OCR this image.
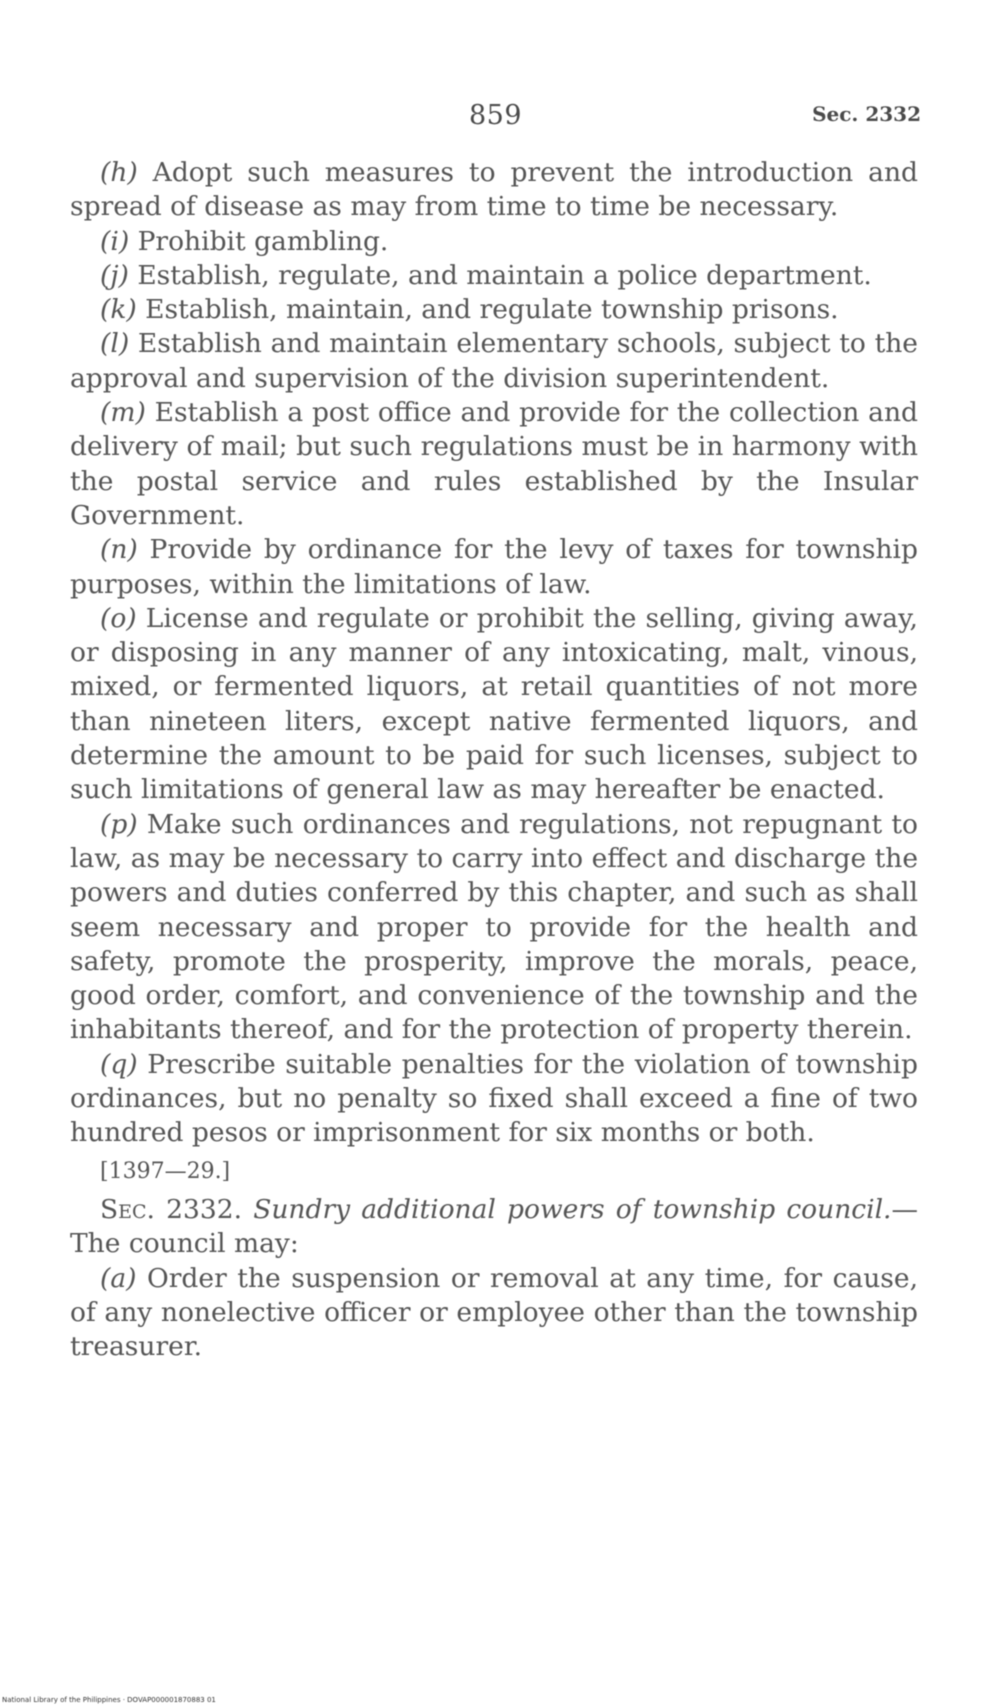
859	Sec. 2332

(h) Adopt such measures to prevent the introduction and spread of disease as may from time to time be necessary.

(i) Prohibit gambling.

(j) Establish, regulate, and maintain a police department.

(k) Establish, maintain, and regulate township prisons.

(l) Establish and maintain elementary schools, subject to the approval and supervision of the division superintendent.

(m) Establish a post office and provide for the collection and delivery of mail; but such regulations must be in harmony with the postal service and rules established by the Insular Government.

(n) Provide by ordinance for the levy of taxes for township purposes, within the limitations of law.

(o) License and regulate or prohibit the selling, giving away, or disposing in any manner of any intoxicating, malt, vinous, mixed, or fermented liquors, at retail quantities of not more than nineteen liters, except native fermented liquors, and determine the amount to be paid for such licenses, subject to such limitations of general law as may hereafter be enacted.

(p) Make such ordinances and regulations, not repugnant to law, as may be necessary to carry into effect and discharge the powers and duties conferred by this chapter, and such as shall seem necessary and proper to provide for the health and safety, promote the prosperity, improve the morals, peace, good order, comfort, and convenience of the township and the inhabitants thereof, and for the protection of property therein.

(q) Prescribe suitable penalties for the violation of township ordinances, but no penalty so fixed shall exceed a fine of two hundred pesos or imprisonment for six months or both.

[1397—29.]

Sec. 2332. Sundry additional powers of township council.—The council may:

(a) Order the suspension or removal at any time, for cause, of any nonelective officer or employee other than the township treasurer.

National Library of the Philippines · DOVAP000001870883 01
